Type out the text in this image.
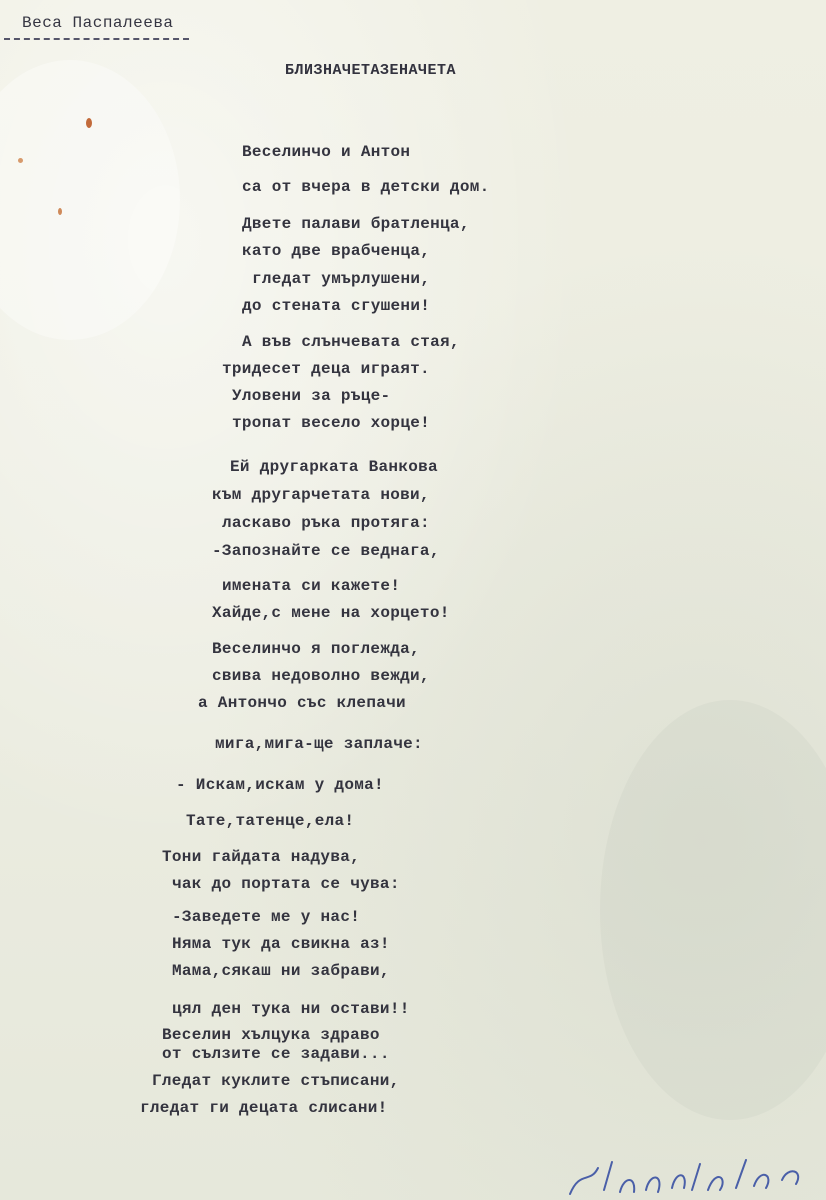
Веса Паспалеева
БЛИЗНАЧЕТАЗЕНАЧЕТА
Веселинчо и Антон
са от вчера в детски дом.
Двете палави братленца,
като две врабченца,
гледат умърлушени,
до стената сгушени!
А във слънчевата стая,
тридесет деца играят.
Уловени за ръце-
тропат весело хорце!
Ей другарката Ванкова
към другарчетата нови,
ласкаво ръка протяга:
-Запознайте се веднага,
имената си кажете!
Хайде,с мене на хорцето!
Веселинчо я поглежда,
свива недоволно вежди,
а Антончо със клепачи
мига,мига-ще заплаче:
- Искам,искам у дома!
Тате,татенце,ела!
Тони гайдата надува,
чак до портата се чува:
-Заведете ме у нас!
Няма тук да свикна аз!
Мама,сякаш ни забрави,
цял ден тука ни остави!!
Веселин хълцука здраво
от сълзите се задави...
Гледат куклите стъписани,
гледат ги децата слисани!
